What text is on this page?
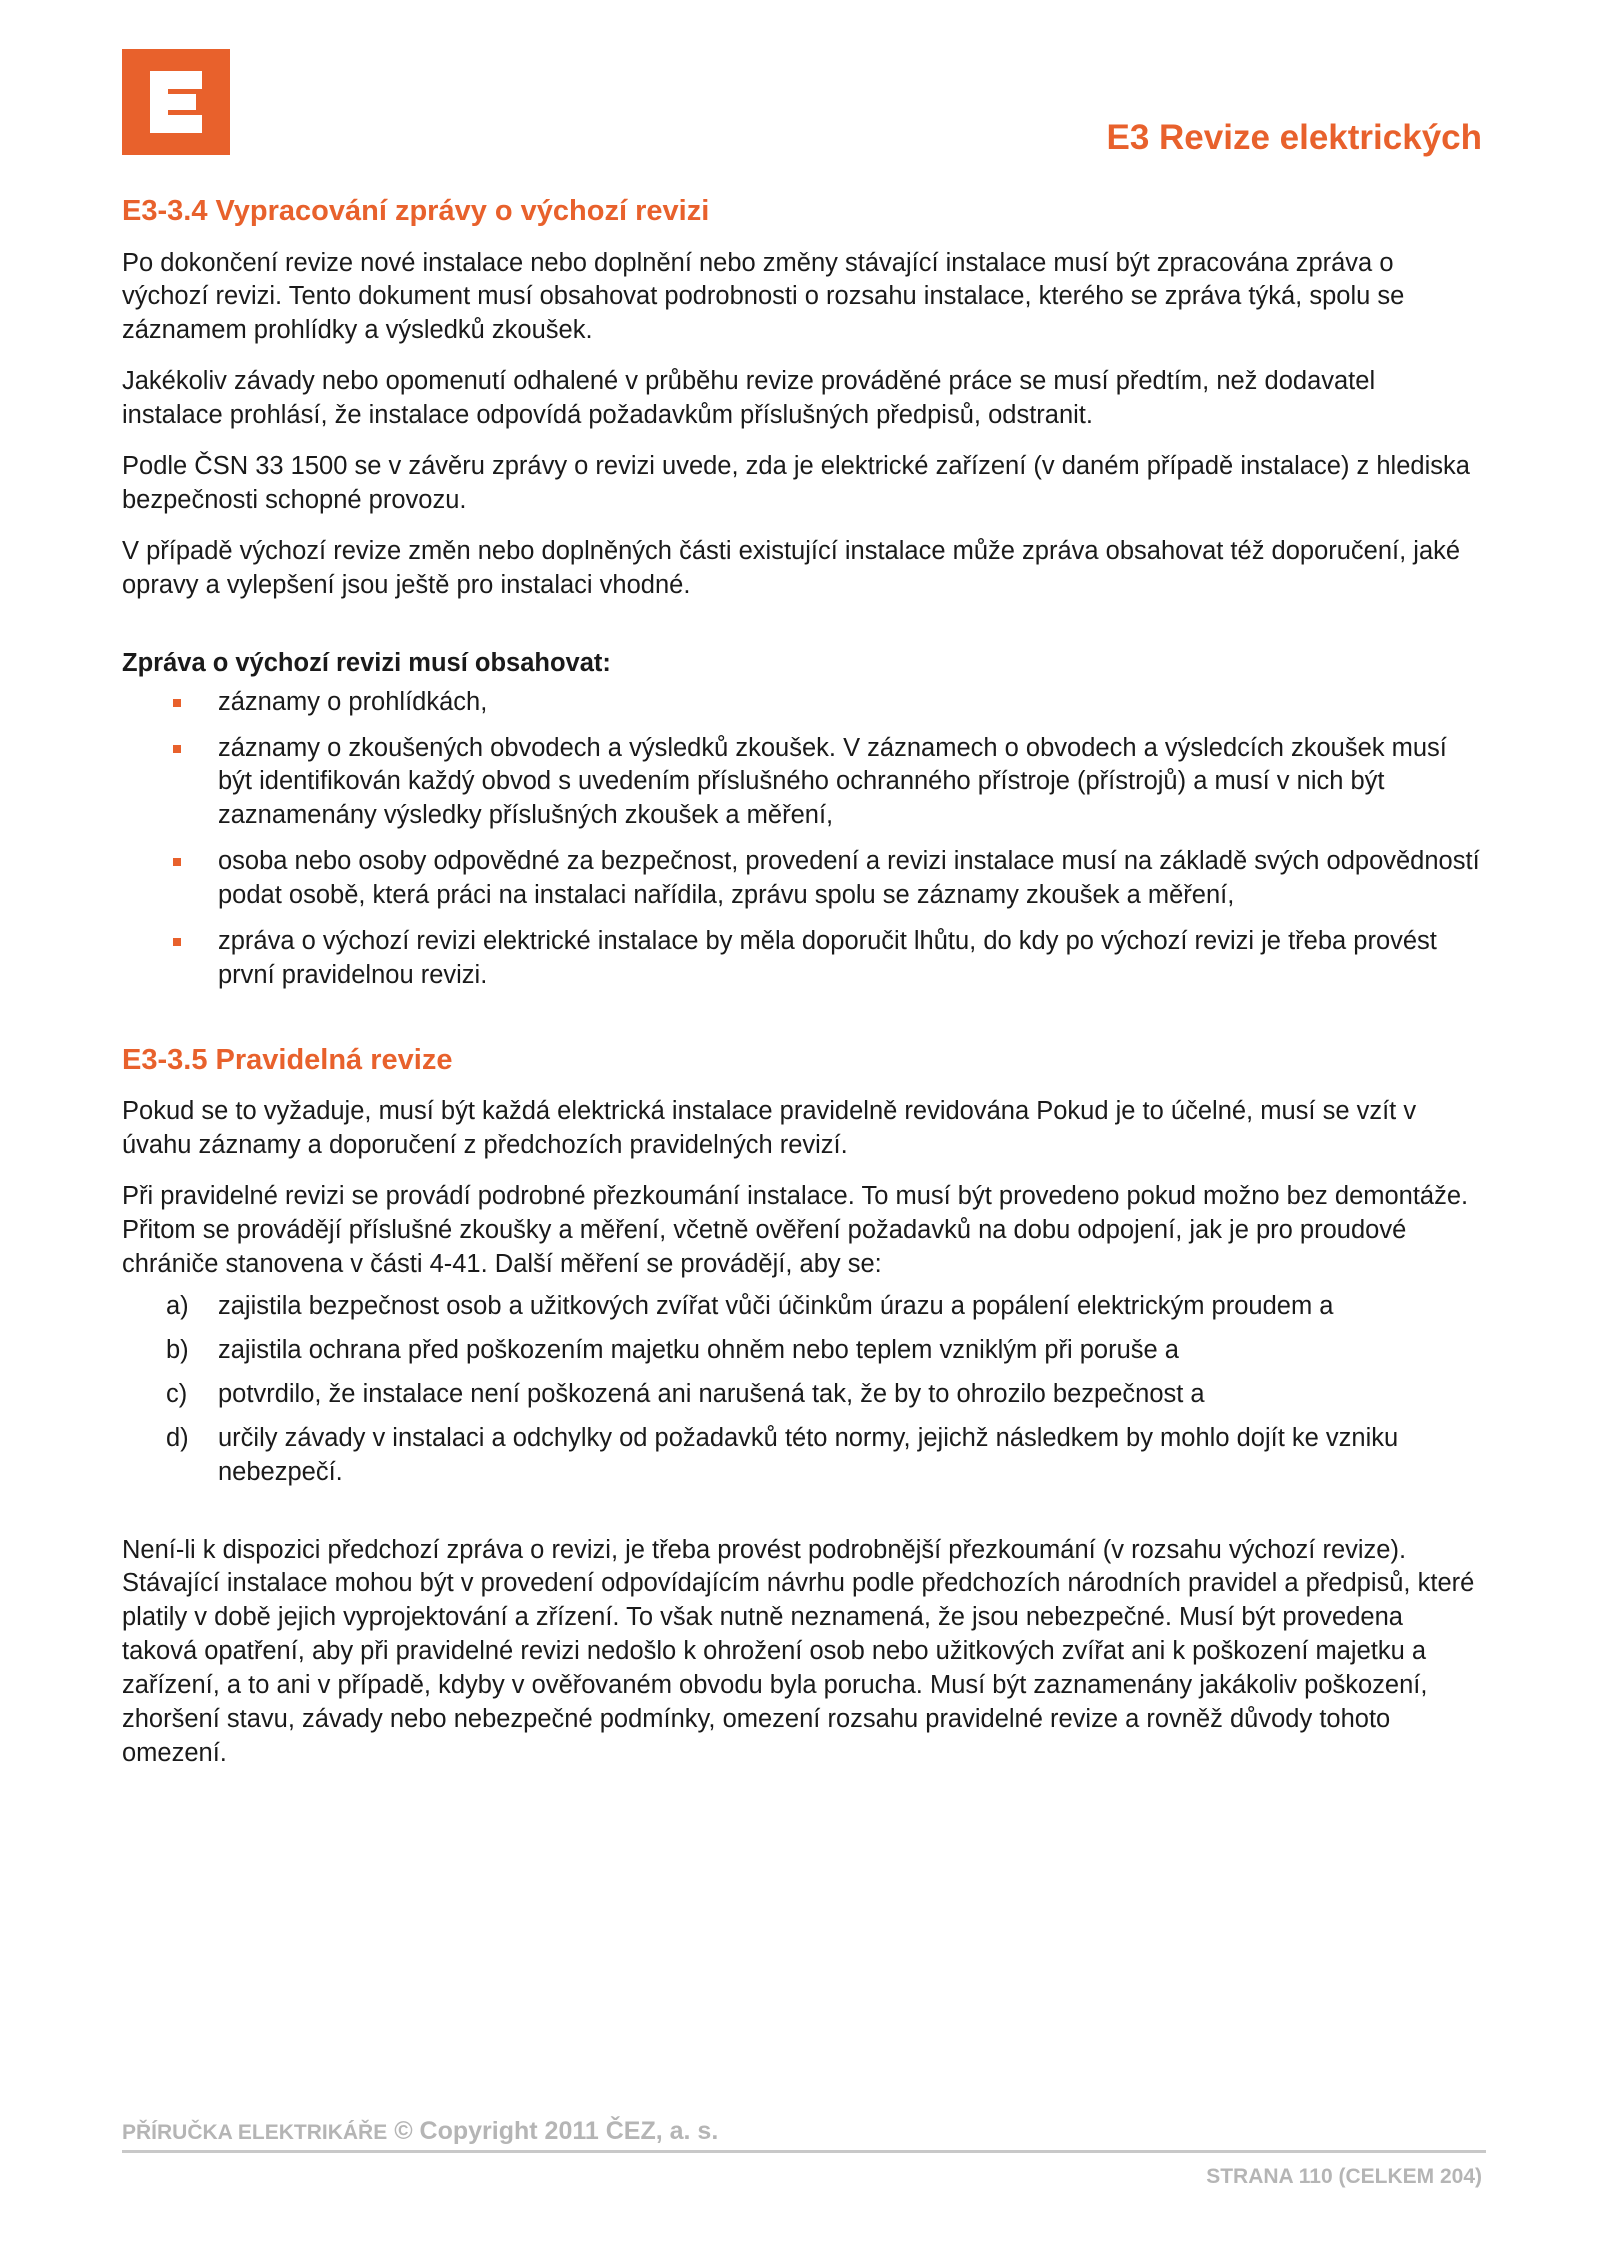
E3 Revize elektrických
E3-3.4 Vypracování zprávy o výchozí revizi

Po dokončení revize nové instalace nebo doplnění nebo změny stávající instalace musí být zpracována zpráva o výchozí revizi. Tento dokument musí obsahovat podrobnosti o rozsahu instalace, kterého se zpráva týká, spolu se záznamem prohlídky a výsledků zkoušek.

Jakékoliv závady nebo opomenutí odhalené v průběhu revize prováděné práce se musí předtím, než dodavatel instalace prohlásí, že instalace odpovídá požadavkům příslušných předpisů, odstranit.

Podle ČSN 33 1500 se v závěru zprávy o revizi uvede, zda je elektrické zařízení (v daném případě instalace) z hlediska bezpečnosti schopné provozu.

V případě výchozí revize změn nebo doplněných části existující instalace může zpráva obsahovat též doporučení, jaké opravy a vylepšení jsou ještě pro instalaci vhodné.

Zpráva o výchozí revizi musí obsahovat:
záznamy o prohlídkách,
záznamy o zkoušených obvodech a výsledků zkoušek. V záznamech o obvodech a výsledcích zkoušek musí být identifikován každý obvod s uvedením příslušného ochranného přístroje (přístrojů) a musí v nich být zaznamenány výsledky příslušných zkoušek a měření,
osoba nebo osoby odpovědné za bezpečnost, provedení a revizi instalace musí na základě svých odpovědností podat osobě, která práci na instalaci nařídila, zprávu spolu se záznamy zkoušek a měření,
zpráva o výchozí revizi elektrické instalace by měla doporučit lhůtu, do kdy po výchozí revizi je třeba provést první pravidelnou revizi.
E3-3.5 Pravidelná revize

Pokud se to vyžaduje, musí být každá elektrická instalace pravidelně revidována Pokud je to účelné, musí se vzít v úvahu záznamy a doporučení z předchozích pravidelných revizí.

Při pravidelné revizi se provádí podrobné přezkoumání instalace. To musí být provedeno pokud možno bez demontáže. Přitom se provádějí příslušné zkoušky a měření, včetně ověření požadavků na dobu odpojení, jak je pro proudové chrániče stanovena v části 4-41. Další měření se provádějí, aby se:

a) zajistila bezpečnost osob a užitkových zvířat vůči účinkům úrazu a popálení elektrickým proudem a
b) zajistila ochrana před poškozením majetku ohněm nebo teplem vzniklým při poruše a
c) potvrdilo, že instalace není poškozená ani narušená tak, že by to ohrozilo bezpečnost a
d) určily závady v instalaci a odchylky od požadavků této normy, jejichž následkem by mohlo dojít ke vzniku nebezpečí.

Není-li k dispozici předchozí zpráva o revizi, je třeba provést podrobnější přezkoumání (v rozsahu výchozí revize). Stávající instalace mohou být v provedení odpovídajícím návrhu podle předchozích národních pravidel a předpisů, které platily v době jejich vyprojektování a zřízení. To však nutně neznamená, že jsou nebezpečné. Musí být provedena taková opatření, aby při pravidelné revizi nedošlo k ohrožení osob nebo užitkových zvířat ani k poškození majetku a zařízení, a to ani v případě, kdyby v ověřovaném obvodu byla porucha. Musí být zaznamenány jakákoliv poškození, zhoršení stavu, závady nebo nebezpečné podmínky, omezení rozsahu pravidelné revize a rovněž důvody tohoto omezení.

PŘÍRUČKA ELEKTRIKÁŘE © Copyright 2011 ČEZ, a. s.
STRANA 110 (CELKEM 204)
